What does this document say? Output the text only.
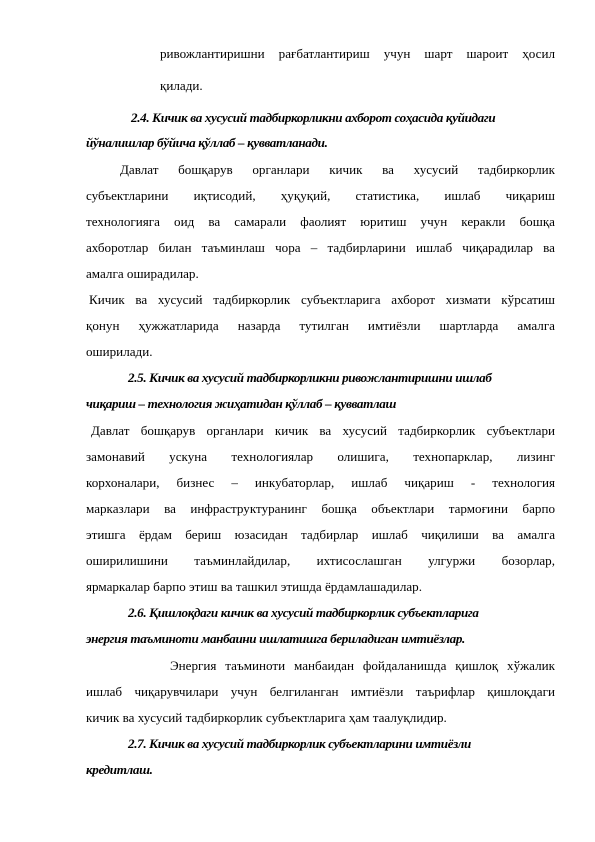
ривожлантиришни рағбатлантириш учун шарт шароит ҳосил
қилади.
2.4. Кичик ва хусусий тадбиркорликни ахборот соҳасида қуйидаги
йўналишлар бўйича қўллаб – қувватланади.
Давлат бошқарув органлари кичик ва хусусий тадбиркорлик
субъектларини иқтисодий, ҳуқуқий, статистика, ишлаб чиқариш
технологияга оид ва самарали фаолият юритиш учун керакли бошқа
ахборотлар билан таъминлаш чора – тадбирларини ишлаб чиқарадилар ва
амалга оширадилар.
Кичик ва хусусий тадбиркорлик субъектларига ахборот хизмати кўрсатиш
қонун ҳужжатларида назарда тутилган имтиёзли шартларда амалга
оширилади.
2.5. Кичик ва хусусий тадбиркорликни ривожлантиришни ишлаб
чиқариш – технология жиҳатидан қўллаб – қувватлаш
Давлат бошқарув органлари кичик ва хусусий тадбиркорлик субъектлари
замонавий ускуна технологиялар олишига, технопарклар, лизинг
корхоналари, бизнес – инкубаторлар, ишлаб чиқариш - технология
марказлари ва инфраструктуранинг бошқа объектлари тармоғини барпо
этишга ёрдам бериш юзасидан тадбирлар ишлаб чиқилиши ва амалга
оширилишини таъминлайдилар, ихтисослашган улгуржи бозорлар,
ярмаркалар барпо этиш ва ташкил этишда ёрдамлашадилар.
2.6. Қишлоқдаги кичик ва хусусий тадбиркорлик субъектларига
энергия таъминоти манбаини ишлатишга бериладиган имтиёзлар.
Энергия таъминоти манбаидан фойдаланишда қишлоқ хўжалик
ишлаб чиқарувчилари учун белгиланган имтиёзли таърифлар қишлоқдаги
кичик ва хусусий тадбиркорлик субъектларига ҳам таалуқлидир.
2.7. Кичик ва хусусий тадбиркорлик субъектларини имтиёзли
кредитлаш.
